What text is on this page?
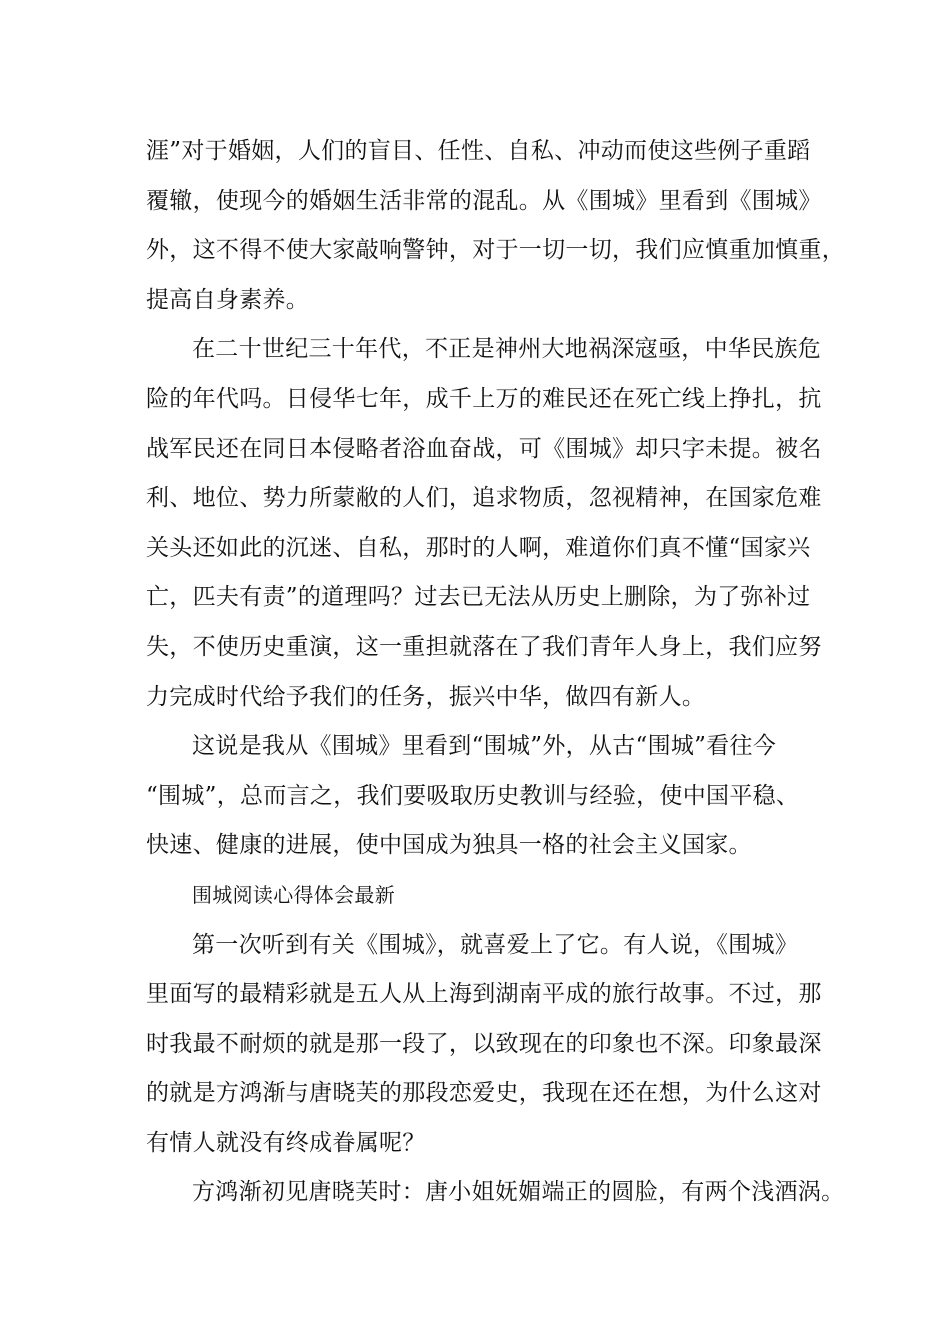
涯”对于婚姻，人们的盲目、任性、自私、冲动而使这些例子重蹈
覆辙，使现今的婚姻生活非常的混乱。从《围城》里看到《围城》
外，这不得不使大家敲响警钟，对于一切一切，我们应慎重加慎重，
提高自身素养。
在二十世纪三十年代，不正是神州大地祸深寇亟，中华民族危
险的年代吗。日侵华七年，成千上万的难民还在死亡线上挣扎，抗
战军民还在同日本侵略者浴血奋战，可《围城》却只字未提。被名
利、地位、势力所蒙敝的人们，追求物质，忽视精神，在国家危难
关头还如此的沉迷、自私，那时的人啊，难道你们真不懂“国家兴
亡，匹夫有责”的道理吗？过去已无法从历史上删除，为了弥补过
失，不使历史重演，这一重担就落在了我们青年人身上，我们应努
力完成时代给予我们的任务，振兴中华，做四有新人。
这说是我从《围城》里看到“围城”外，从古“围城”看往今
“围城”，总而言之，我们要吸取历史教训与经验，使中国平稳、
快速、健康的进展，使中国成为独具一格的社会主义国家。
围城阅读心得体会最新
第一次听到有关《围城》，就喜爱上了它。有人说，《围城》
里面写的最精彩就是五人从上海到湖南平成的旅行故事。不过，那
时我最不耐烦的就是那一段了，以致现在的印象也不深。印象最深
的就是方鸿渐与唐晓芙的那段恋爱史，我现在还在想，为什么这对
有情人就没有终成眷属呢？
方鸿渐初见唐晓芙时：唐小姐妩媚端正的圆脸，有两个浅酒涡。
